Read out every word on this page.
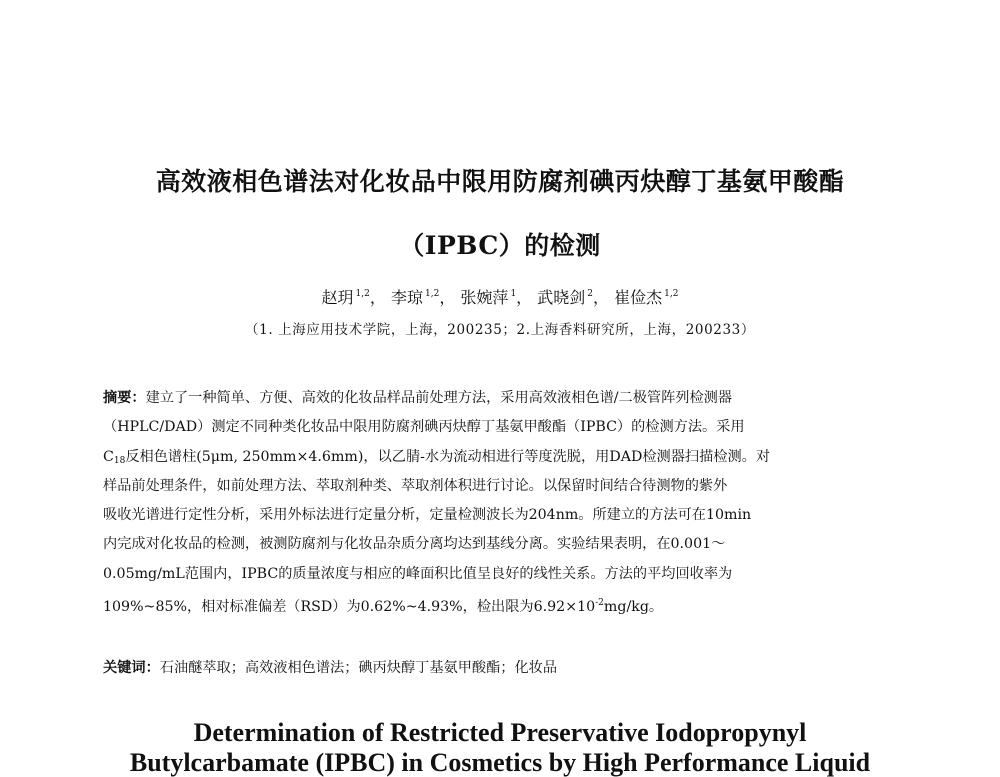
高效液相色谱法对化妆品中限用防腐剂碘丙炔醇丁基氨甲酸酯
（IPBC）的检测
赵玥 $^{1,2}$， 李琼 $^{1,2}$， 张婉萍 $^1$， 武晓剑 $^2$， 崔俭杰 $^{1,2}$
（1. 上海应用技术学院，上海，200235；2.上海香料研究所，上海，200233）
摘要：建立了一种简单、方便、高效的化妆品样品前处理方法，采用高效液相色谱/二极管阵列检测器
（HPLC/DAD）测定不同种类化妆品中限用防腐剂碘丙炔醇丁基氨甲酸酯（IPBC）的检测方法。采用
$C_{18}$反相色谱柱(5μm, 250mm×4.6mm)，以乙腈-水为流动相进行等度洗脱，用DAD检测器扫描检测。对
样品前处理条件，如前处理方法、萃取剂种类、萃取剂体积进行讨论。以保留时间结合待测物的紫外
吸收光谱进行定性分析，采用外标法进行定量分析，定量检测波长为204nm。所建立的方法可在10min
内完成对化妆品的检测，被测防腐剂与化妆品杂质分离均达到基线分离。实验结果表明，在0.001～
0.05mg/mL范围内，IPBC的质量浓度与相应的峰面积比值呈良好的线性关系。方法的平均回收率为
109%~85%，相对标准偏差（RSD）为0.62%~4.93%，检出限为$6.92\times 10^{-2}mg/kg$。
关键词：石油醚萃取；高效液相色谱法；碘丙炔醇丁基氨甲酸酯；化妆品
Determination of Restricted Preservative Iodopropynyl
Butylcarbamate (IPBC) in Cosmetics by High Performance Liquid
